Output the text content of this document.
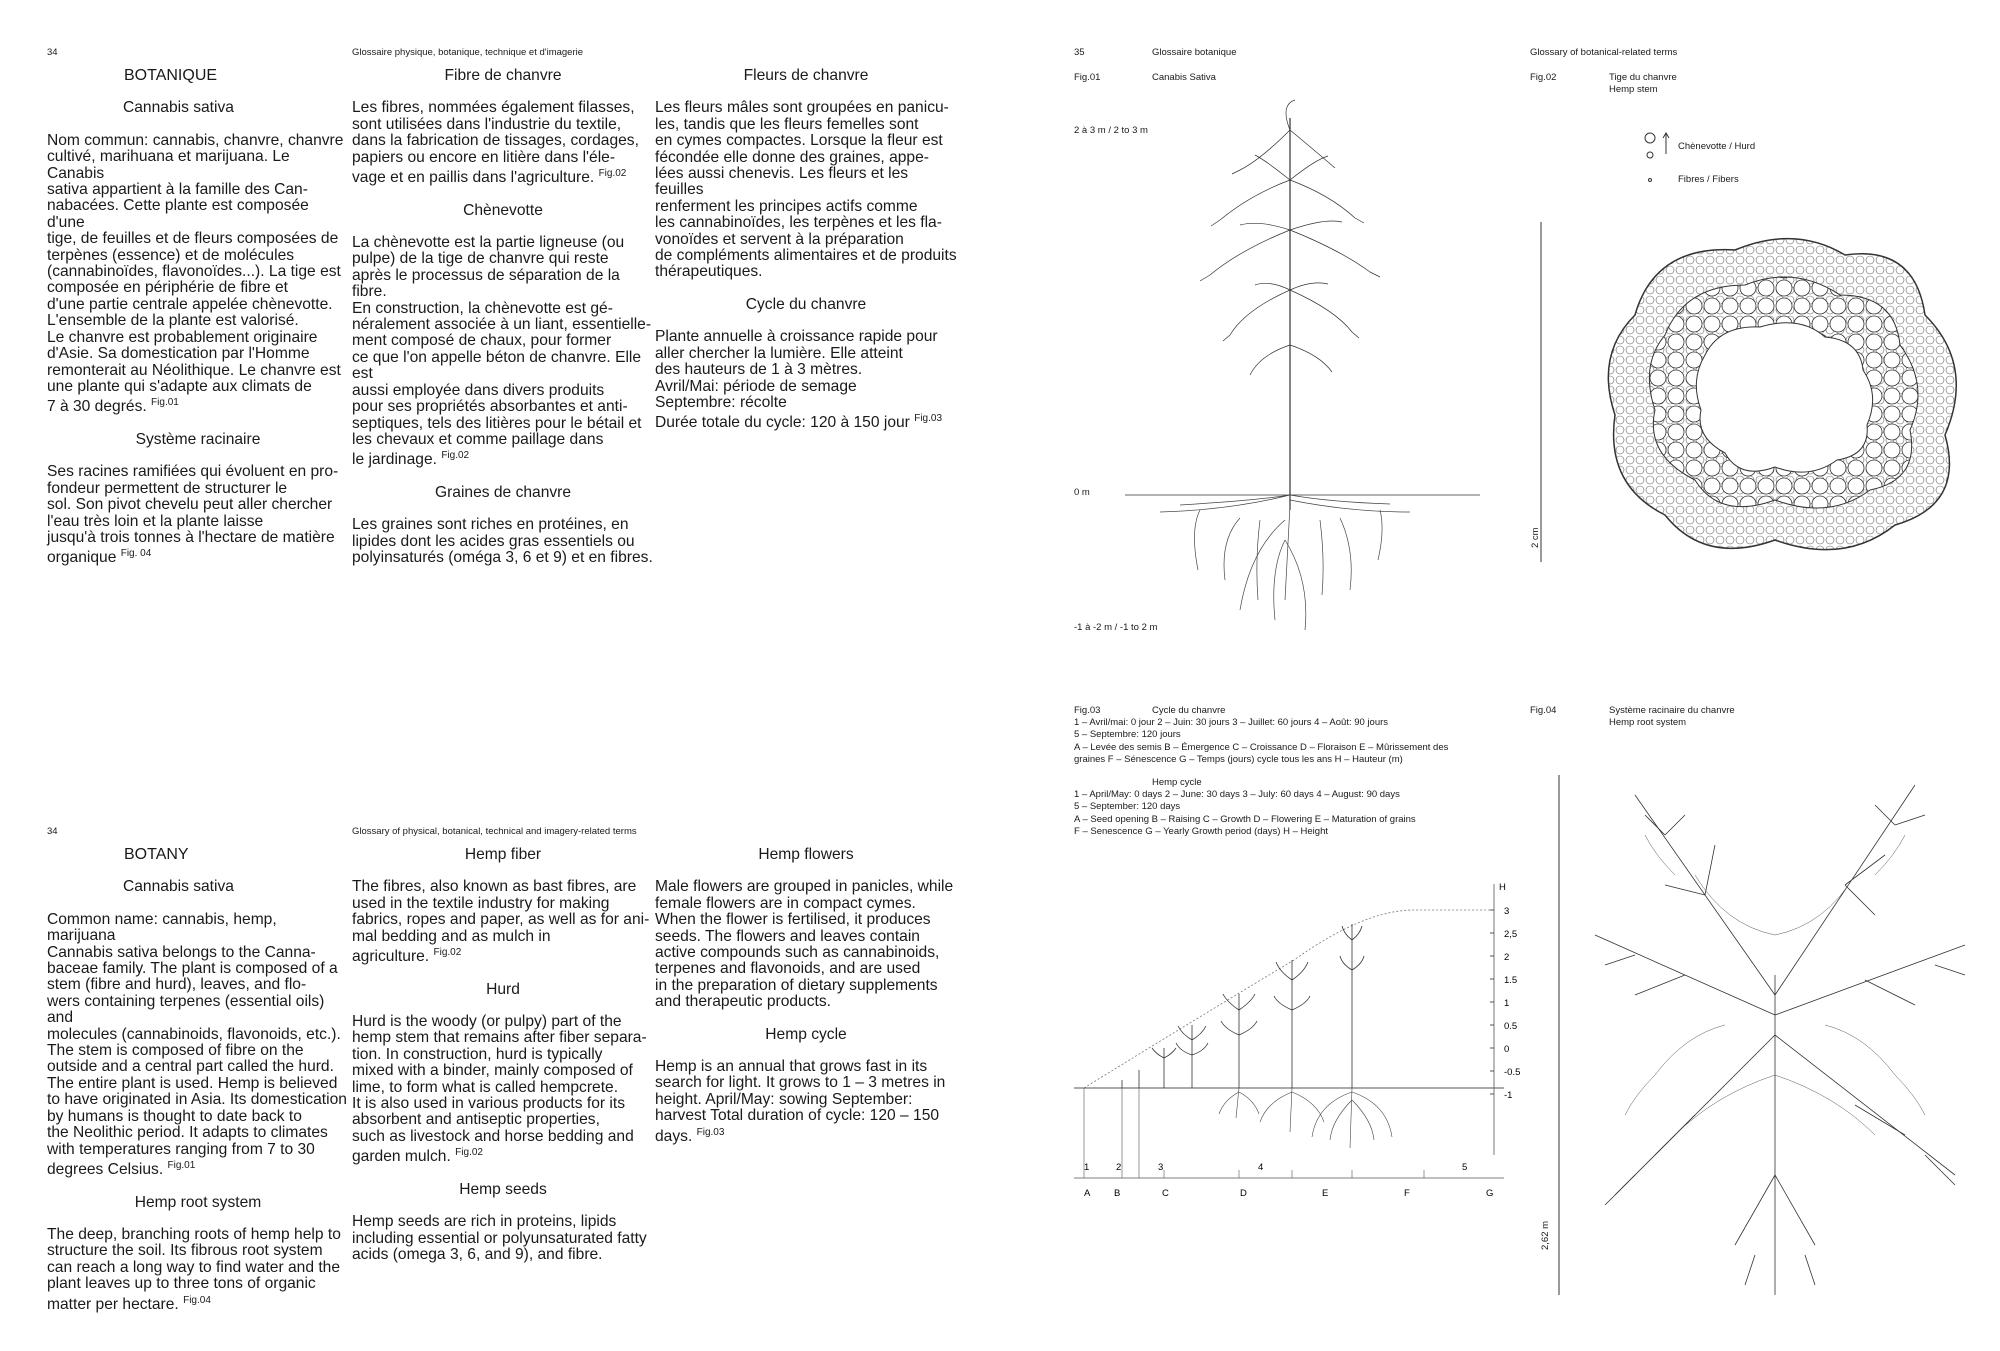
34	Glossaire physique, botanique, technique et d'imagerie
BOTANIQUE
Cannabis sativa

Nom commun: cannabis, chanvre, chanvre
cultivé, marihuana et marijuana. Le Canabis
sativa appartient à la famille des Can-
nabacées. Cette plante est composée d'une
tige, de feuilles et de fleurs composées de
terpènes (essence) et de molécules
(cannabinoïdes, flavonoïdes...). La tige est
composée en périphérie de fibre et
d'une partie centrale appelée chènevotte.
L'ensemble de la plante est valorisé.
Le chanvre est probablement originaire
d'Asie. Sa domestication par l'Homme
remonterait au Néolithique. Le chanvre est
une plante qui s'adapte aux climats de
7 à 30 degrés. $^{Fig.01}$

Système racinaire

Ses racines ramifiées qui évoluent en pro-
fondeur permettent de structurer le
sol. Son pivot chevelu peut aller chercher
l'eau très loin et la plante laisse
jusqu'à trois tonnes à l'hectare de matière
organique $^{Fig. 04}$

Fibre de chanvre

Les fibres, nommées également filasses,
sont utilisées dans l'industrie du textile,
dans la fabrication de tissages, cordages,
papiers ou encore en litière dans l'éle-
vage et en paillis dans l'agriculture. $^{Fig.02}$

Chènevotte

La chènevotte est la partie ligneuse (ou
pulpe) de la tige de chanvre qui reste
après le processus de séparation de la fibre.
En construction, la chènevotte est gé-
néralement associée à un liant, essentielle-
ment composé de chaux, pour former
ce que l'on appelle béton de chanvre. Elle est
aussi employée dans divers produits
pour ses propriétés absorbantes et anti-
septiques, tels des litières pour le bétail et
les chevaux et comme paillage dans
le jardinage. $^{Fig.02}$

Graines de chanvre

Les graines sont riches en protéines, en
lipides dont les acides gras essentiels ou
polyinsaturés (oméga 3, 6 et 9) et en fibres.

Fleurs de chanvre

Les fleurs mâles sont groupées en panicu-
les, tandis que les fleurs femelles sont
en cymes compactes. Lorsque la fleur est
fécondée elle donne des graines, appe-
lées aussi chenevis. Les fleurs et les feuilles
renferment les principes actifs comme
les cannabinoïdes, les terpènes et les fla-
vonoïdes et servent à la préparation
de compléments alimentaires et de produits
thérapeutiques.

Cycle du chanvre

Plante annuelle à croissance rapide pour
aller chercher la lumière. Elle atteint
des hauteurs de 1 à 3 mètres.
Avril/Mai: période de semage
Septembre: récolte
Durée totale du cycle: 120 à 150 jour $^{Fig.03}$

34	Glossary of physical, botanical, technical and imagery-related terms
BOTANY
Cannabis sativa

Common name: cannabis, hemp, marijuana
Cannabis sativa belongs to the Canna-
baceae family. The plant is composed of a
stem (fibre and hurd), leaves, and flo-
wers containing terpenes (essential oils) and
molecules (cannabinoids, flavonoids, etc.).
The stem is composed of fibre on the
outside and a central part called the hurd.
The entire plant is used. Hemp is believed
to have originated in Asia. Its domestication
by humans is thought to date back to
the Neolithic period. It adapts to climates
with temperatures ranging from 7 to 30
degrees Celsius. $^{Fig.01}$

Hemp root system

The deep, branching roots of hemp help to
structure the soil. Its fibrous root system
can reach a long way to find water and the
plant leaves up to three tons of organic
matter per hectare. $^{Fig.04}$

Hemp fiber

The fibres, also known as bast fibres, are
used in the textile industry for making
fabrics, ropes and paper, as well as for ani-
mal bedding and as mulch in
agriculture. $^{Fig.02}$

Hurd

Hurd is the woody (or pulpy) part of the
hemp stem that remains after fiber separa-
tion. In construction, hurd is typically
mixed with a binder, mainly composed of
lime, to form what is called hempcrete.
It is also used in various products for its
absorbent and antiseptic properties,
such as livestock and horse bedding and
garden mulch. $^{Fig.02}$

Hemp seeds

Hemp seeds are rich in proteins, lipids
including essential or polyunsaturated fatty
acids (omega 3, 6, and 9), and fibre.

Hemp flowers

Male flowers are grouped in panicles, while
female flowers are in compact cymes.
When the flower is fertilised, it produces
seeds. The flowers and leaves contain
active compounds such as cannabinoids,
terpenes and flavonoids, and are used
in the preparation of dietary supplements
and therapeutic products.

Hemp cycle

Hemp is an annual that grows fast in its
search for light. It grows to 1 – 3 metres in
height. April/May: sowing September:
harvest Total duration of cycle: 120 – 150
days. $^{Fig.03}$

35	Glossaire botanique	Glossary of botanical-related terms
Fig.01	Canabis Sativa
2 à 3 m / 2 to 3 m
0 m
-1 à -2 m / -1 to 2 m
Fig.02	Tige du chanvre
Hemp stem
Chènevotte / Hurd
Fibres / Fibers
2 cm
Fig.03	Cycle du chanvre
1 – Avril/mai: 0 jour 2 – Juin: 30 jours 3 – Juillet: 60 jours 4 – Août: 90 jours
5 – Septembre: 120 jours
A – Levée des semis B – Émergence C – Croissance D – Floraison E – Mûrissement des
graines F – Sénescence G – Temps (jours) cycle tous les ans H – Hauteur (m)
Hemp cycle
1 – April/May: 0 days 2 – June: 30 days 3 – July: 60 days 4 – August: 90 days
5 – September: 120 days
A – Seed opening B – Raising C – Growth D – Flowering E – Maturation of grains
F – Senescence G – Yearly Growth period (days) H – Height
H
3
2,5
2
1.5
1
0.5
0
-0.5
-1
1	2	3	4	5
A B	C	D	E	F	G
Fig.04	Système racinaire du chanvre
Hemp root system
2,62 m
